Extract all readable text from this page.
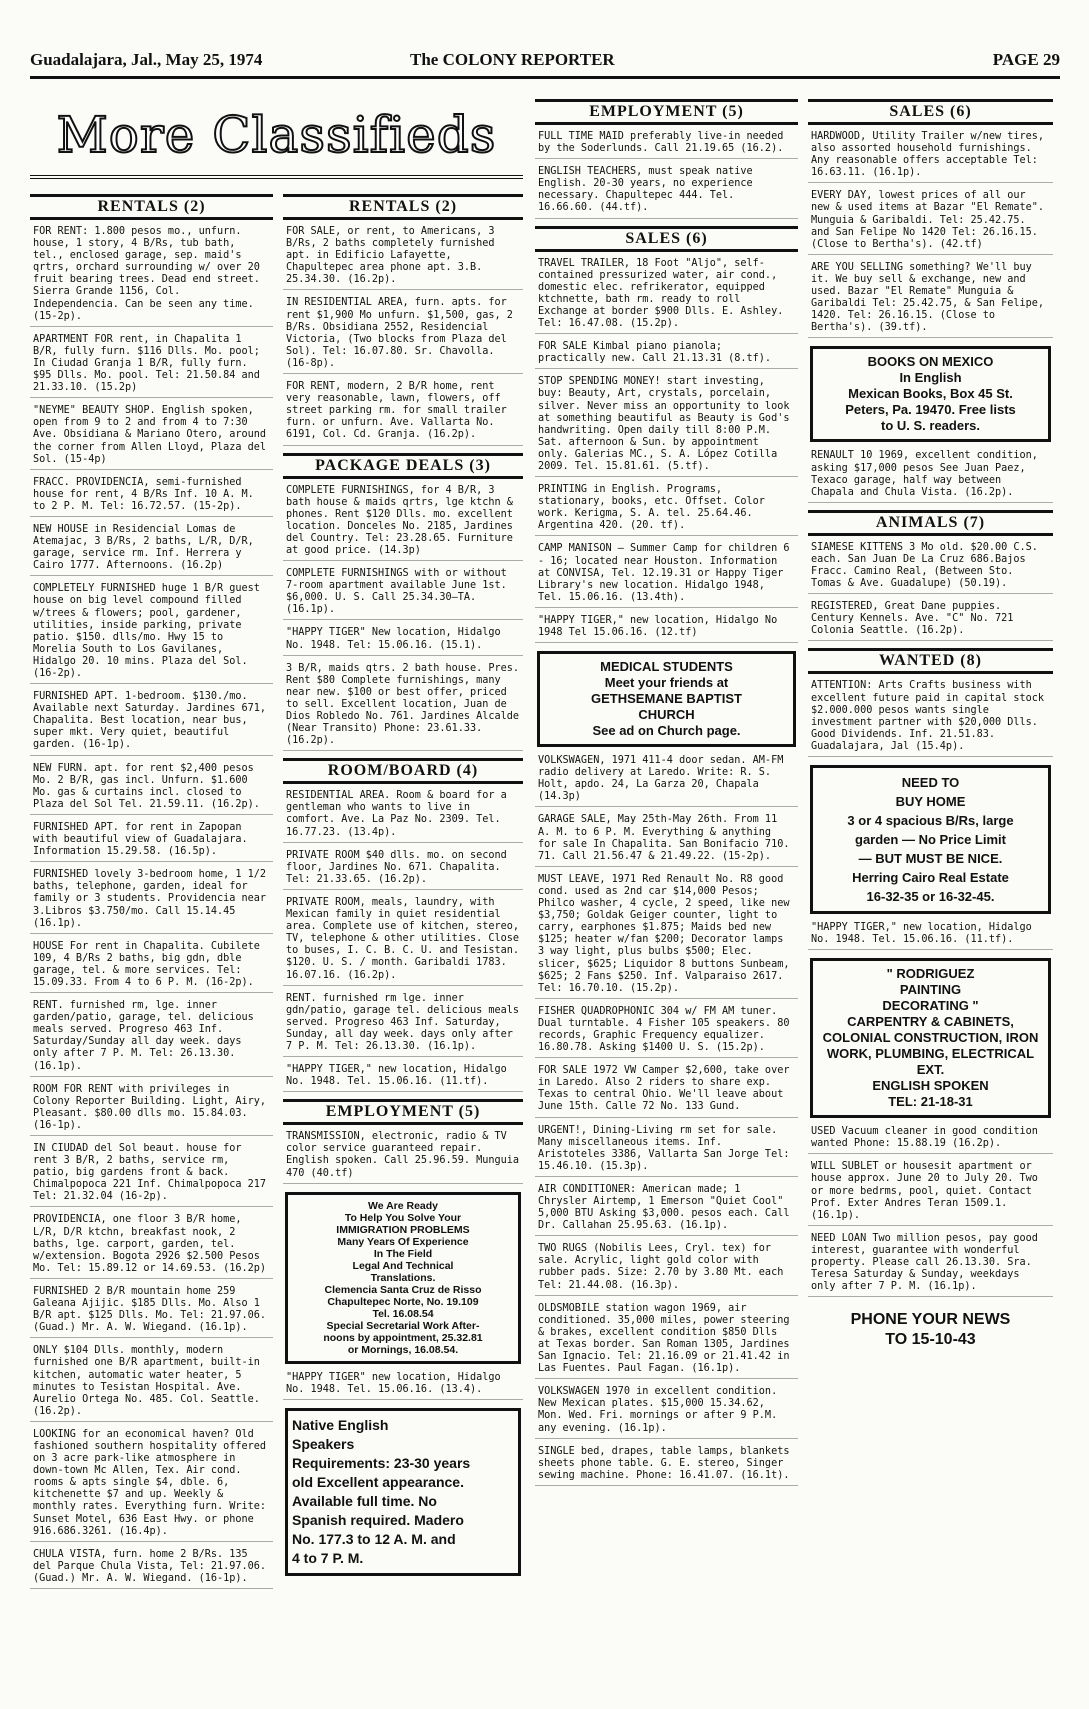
Guadalajara, Jal., May 25, 1974	The COLONY REPORTER	PAGE 29
More Classifieds
RENTALS (2)
FOR RENT: 1.800 pesos mo., unfurn. house, 1 story, 4 B/Rs, tub bath, tel., enclosed garage, sep. maid's qrtrs, orchard surrounding w/ over 20 fruit bearing trees. Dead end street. Sierra Grande 1156, Col. Independencia. Can be seen any time. (15-2p).
APARTMENT FOR rent, in Chapalita 1 B/R, fully furn. $116 Dlls. Mo. pool; In Ciudad Granja 1 B/R, fully furn. $95 Dlls. Mo. pool. Tel: 21.50.84 and 21.33.10. (15.2p)
"NEYME" BEAUTY SHOP. English spoken, open from 9 to 2 and from 4 to 7:30 Ave. Obsidiana & Mariano Otero, around the corner from Allen Lloyd, Plaza del Sol. (15-4p)
FRACC. PROVIDENCIA, semi-furnished house for rent, 4 B/Rs Inf. 10 A. M. to 2 P. M. Tel: 16.72.57. (15-2p).
NEW HOUSE in Residencial Lomas de Atemajac, 3 B/Rs, 2 baths, L/R, D/R, garage, service rm. Inf. Herrera y Cairo 1777. Afternoons. (16.2p)
COMPLETELY FURNISHED huge 1 B/R guest house on big level compound filled w/trees & flowers; pool, gardener, utilities, inside parking, private patio. $150. dlls/mo. Hwy 15 to Morelia South to Los Gavilanes, Hidalgo 20. 10 mins. Plaza del Sol. (16-2p).
FURNISHED APT. 1-bedroom. $130./mo. Available next Saturday. Jardines 671, Chapalita. Best location, near bus, super mkt. Very quiet, beautiful garden. (16-1p).
NEW FURN. apt. for rent $2,400 pesos Mo. 2 B/R, gas incl. Unfurn. $1.600 Mo. gas & curtains incl. closed to Plaza del Sol Tel. 21.59.11. (16.2p).
FURNISHED APT. for rent in Zapopan with beautiful view of Guadalajara. Information 15.29.58. (16.5p).
FURNISHED lovely 3-bedroom home, 1 1/2 baths, telephone, garden, ideal for family or 3 students. Providencia near 3.Libros $3.750/mo. Call 15.14.45 (16.1p).
HOUSE For rent in Chapalita. Cubilete 109, 4 B/Rs 2 baths, big gdn, dble garage, tel. & more services. Tel: 15.09.33. From 4 to 6 P. M. (16-2p).
RENT. furnished rm, lge. inner garden/patio, garage, tel. delicious meals served. Progreso 463 Inf. Saturday/Sunday all day week. days only after 7 P. M. Tel: 26.13.30. (16.1p).
ROOM FOR RENT with privileges in Colony Reporter Building. Light, Airy, Pleasant. $80.00 dlls mo. 15.84.03. (16-1p).
IN CIUDAD del Sol beaut. house for rent 3 B/R, 2 baths, service rm, patio, big gardens front & back. Chimalpopoca 221 Inf. Chimalpopoca 217 Tel: 21.32.04 (16-2p).
PROVIDENCIA, one floor 3 B/R home, L/R, D/R ktchn, breakfast nook, 2 baths, lge. carport, garden, tel. w/extension. Bogota 2926 $2.500 Pesos Mo. Tel: 15.89.12 or 14.69.53. (16.2p)
FURNISHED 2 B/R mountain home 259 Galeana Ajijic. $185 Dlls. Mo. Also 1 B/R apt. $125 Dlls. Mo. Tel: 21.97.06. (Guad.) Mr. A. W. Wiegand. (16.1p).
ONLY $104 Dlls. monthly, modern furnished one B/R apartment, built-in kitchen, automatic water heater, 5 minutes to Tesistan Hospital. Ave. Aurelio Ortega No. 485. Col. Seattle. (16.2p).
LOOKING for an economical haven? Old fashioned southern hospitality offered on 3 acre park-like atmosphere in down-town Mc Allen, Tex. Air cond. rooms & apts single $4, dble. 6, kitchenette $7 and up. Weekly & monthly rates. Everything furn. Write: Sunset Motel, 636 East Hwy. or phone 916.686.3261. (16.4p).
CHULA VISTA, furn. home 2 B/Rs. 135 del Parque Chula Vista, Tel: 21.97.06. (Guad.) Mr. A. W. Wiegand. (16-1p).
RENTALS (2)
FOR SALE, or rent, to Americans, 3 B/Rs, 2 baths completely furnished apt. in Edificio Lafayette, Chapultepec area phone apt. 3.B. 25.34.30. (16.2p).
IN RESIDENTIAL AREA, furn. apts. for rent $1,900 Mo unfurn. $1,500, gas, 2 B/Rs. Obsidiana 2552, Residencial Victoria, (Two blocks from Plaza del Sol). Tel: 16.07.80. Sr. Chavolla. (16-8p).
FOR RENT, modern, 2 B/R home, rent very reasonable, lawn, flowers, off street parking rm. for small trailer furn. or unfurn. Ave. Vallarta No. 6191, Col. Cd. Granja. (16.2p).
PACKAGE DEALS (3)
COMPLETE FURNISHINGS, for 4 B/R, 3 bath house & maids qrtrs, lge ktchn & phones. Rent $120 Dlls. mo. excellent location. Donceles No. 2185, Jardines del Country. Tel: 23.28.65. Furniture at good price. (14.3p)
COMPLETE FURNISHINGS with or without 7-room apartment available June 1st. $6,000. U. S. Call 25.34.30—TA. (16.1p).
"HAPPY TIGER" New location, Hidalgo No. 1948. Tel: 15.06.16. (15.1).
3 B/R, maids qtrs. 2 bath house. Pres. Rent $80 Complete furnishings, many near new. $100 or best offer, priced to sell. Excellent location, Juan de Dios Robledo No. 761. Jardines Alcalde (Near Transito) Phone: 23.61.33. (16.2p).
ROOM/BOARD (4)
RESIDENTIAL AREA. Room & board for a gentleman who wants to live in comfort. Ave. La Paz No. 2309. Tel. 16.77.23. (13.4p).
PRIVATE ROOM $40 dlls. mo. on second floor, Jardines No. 671. Chapalita. Tel: 21.33.65. (16.2p).
PRIVATE ROOM, meals, laundry, with Mexican family in quiet residential area. Complete use of kitchen, stereo, TV, telephone & other utilities. Close to buses, I. C. B. C. U. and Tesistan. $120. U. S. / month. Garibaldi 1783. 16.07.16. (16.2p).
RENT. furnished rm lge. inner gdn/patio, garage tel. delicious meals served. Progreso 463 Inf. Saturday, Sunday, all day week. days only after 7 P. M. Tel: 26.13.30. (16.1p).
"HAPPY TIGER," new location, Hidalgo No. 1948. Tel. 15.06.16. (11.tf).
EMPLOYMENT (5)
TRANSMISSION, electronic, radio & TV color service guaranteed repair. English spoken. Call 25.96.59. Munguia 470 (40.tf)
We Are Ready
To Help You Solve Your
IMMIGRATION PROBLEMS
Many Years Of Experience
In The Field
Legal And Technical
Translations.
Clemencia Santa Cruz de Risso
Chapultepec Norte, No. 19.109
Tel. 16.08.54
Special Secretarial Work After-
noons by appointment, 25.32.81
or Mornings, 16.08.54.
"HAPPY TIGER" new location, Hidalgo No. 1948. Tel. 15.06.16. (13.4).
Native English
Speakers
Requirements: 23-30 years
old Excellent appearance.
Available full time. No
Spanish required. Madero
No. 177.3 to 12 A. M. and
4 to 7 P. M.
EMPLOYMENT (5)
FULL TIME MAID preferably live-in needed by the Soderlunds. Call 21.19.65 (16.2).
ENGLISH TEACHERS, must speak native English. 20-30 years, no experience necessary. Chapultepec 444. Tel. 16.66.60. (44.tf).
SALES (6)
TRAVEL TRAILER, 18 Foot "Aljo", self-contained pressurized water, air cond., domestic elec. refrikerator, equipped ktchnette, bath rm. ready to roll Exchange at border $900 Dlls. E. Ashley. Tel: 16.47.08. (15.2p).
FOR SALE Kimbal piano pianola; practically new. Call 21.13.31 (8.tf).
STOP SPENDING MONEY! start investing, buy: Beauty, Art, crystals, porcelain, silver. Never miss an opportunity to look at something beautiful as Beauty is God's handwriting. Open daily till 8:00 P.M. Sat. afternoon & Sun. by appointment only. Galerias MC., S. A. López Cotilla 2009. Tel. 15.81.61. (5.tf).
PRINTING in English. Programs, stationary, books, etc. Offset. Color work. Kerigma, S. A. tel. 25.64.46. Argentina 420. (20. tf).
CAMP MANISON — Summer Camp for children 6 - 16; located near Houston. Information at CONVISA, Tel. 12.19.31 or Happy Tiger Library's new location. Hidalgo 1948, Tel. 15.06.16. (13.4th).
"HAPPY TIGER," new location, Hidalgo No 1948 Tel 15.06.16. (12.tf)
MEDICAL STUDENTS
Meet your friends at
GETHSEMANE BAPTIST
CHURCH
See ad on Church page.
VOLKSWAGEN, 1971 411-4 door sedan. AM-FM radio delivery at Laredo. Write: R. S. Holt, apdo. 24, La Garza 20, Chapala (14.3p)
GARAGE SALE, May 25th-May 26th. From 11 A. M. to 6 P. M. Everything & anything for sale In Chapalita. San Bonifacio 710. 71. Call 21.56.47 & 21.49.22. (15-2p).
MUST LEAVE, 1971 Red Renault No. R8 good cond. used as 2nd car $14,000 Pesos; Philco washer, 4 cycle, 2 speed, like new $3,750; Goldak Geiger counter, light to carry, earphones $1.875; Maids bed new $125; heater w/fan $200; Decorator lamps 3 way light, plus bulbs $500; Elec. slicer, $625; Liquidor 8 buttons Sunbeam, $625; 2 Fans $250. Inf. Valparaiso 2617. Tel: 16.70.10. (15.2p).
FISHER QUADROPHONIC 304 w/ FM AM tuner. Dual turntable. 4 Fisher 105 speakers. 80 records, Graphic Frequency equalizer. 16.80.78. Asking $1400 U. S. (15.2p).
FOR SALE 1972 VW Camper $2,600, take over in Laredo. Also 2 riders to share exp. Texas to central Ohio. We'll leave about June 15th. Calle 72 No. 133 Gund.
URGENT!, Dining-Living rm set for sale. Many miscellaneous items. Inf. Aristoteles 3386, Vallarta San Jorge Tel: 15.46.10. (15.3p).
AIR CONDITIONER: American made; 1 Chrysler Airtemp, 1 Emerson "Quiet Cool" 5,000 BTU Asking $3,000. pesos each. Call Dr. Callahan 25.95.63. (16.1p).
TWO RUGS (Nobilis Lees, Cryl. tex) for sale. Acrylic, light gold color with rubber pads. Size: 2.70 by 3.80 Mt. each Tel: 21.44.08. (16.3p).
OLDSMOBILE station wagon 1969, air conditioned. 35,000 miles, power steering & brakes, excellent condition $850 Dlls at Texas border. San Roman 1305, Jardines San Ignacio. Tel: 21.16.09 or 21.41.42 in Las Fuentes. Paul Fagan. (16.1p).
VOLKSWAGEN 1970 in excellent condition. New Mexican plates. $15,000 15.34.62, Mon. Wed. Fri. mornings or after 9 P.M. any evening. (16.1p).
SINGLE bed, drapes, table lamps, blankets sheets phone table. G. E. stereo, Singer sewing machine. Phone: 16.41.07. (16.1t).
SALES (6)
HARDWOOD, Utility Trailer w/new tires, also assorted household furnishings. Any reasonable offers acceptable Tel: 16.63.11. (16.1p).
EVERY DAY, lowest prices of all our new & used items at Bazar "El Remate". Munguia & Garibaldi. Tel: 25.42.75. and San Felipe No 1420 Tel: 26.16.15. (Close to Bertha's). (42.tf)
ARE YOU SELLING something? We'll buy it. We buy sell & exchange, new and used. Bazar "El Remate" Munguia & Garibaldi Tel: 25.42.75, & San Felipe, 1420. Tel: 26.16.15. (Close to Bertha's). (39.tf).
BOOKS ON MEXICO
In English
Mexican Books, Box 45 St.
Peters, Pa. 19470. Free lists
to U. S. readers.
RENAULT 10 1969, excellent condition, asking $17,000 pesos See Juan Paez, Texaco garage, half way between Chapala and Chula Vista. (16.2p).
ANIMALS (7)
SIAMESE KITTENS 3 Mo old. $20.00 C.S. each. San Juan De La Cruz 686.Bajos Fracc. Camino Real, (Between Sto. Tomas & Ave. Guadalupe) (50.19).
REGISTERED, Great Dane puppies. Century Kennels. Ave. "C" No. 721 Colonia Seattle. (16.2p).
WANTED (8)
ATTENTION: Arts Crafts business with excellent future paid in capital stock $2.000.000 pesos wants single investment partner with $20,000 Dlls. Good Dividends. Inf. 21.51.83. Guadalajara, Jal (15.4p).
NEED TO
BUY HOME
3 or 4 spacious B/Rs, large
garden — No Price Limit
— BUT MUST BE NICE.
Herring Cairo Real Estate
16-32-35 or 16-32-45.
"HAPPY TIGER," new location, Hidalgo No. 1948. Tel. 15.06.16. (11.tf).
" RODRIGUEZ
PAINTING
DECORATING "
CARPENTRY & CABINETS, COLONIAL CONSTRUCTION, IRON WORK, PLUMBING, ELECTRICAL EXT.
ENGLISH SPOKEN
TEL: 21-18-31
USED Vacuum cleaner in good condition wanted Phone: 15.88.19 (16.2p).
WILL SUBLET or housesit apartment or house approx. June 20 to July 20. Two or more bedrms, pool, quiet. Contact Prof. Exter Andres Teran 1509.1. (16.1p).
NEED LOAN Two million pesos, pay good interest, guarantee with wonderful property. Please call 26.13.30. Sra. Teresa Saturday & Sunday, weekdays only after 7 P. M. (16.1p).
PHONE YOUR NEWS
TO 15-10-43
